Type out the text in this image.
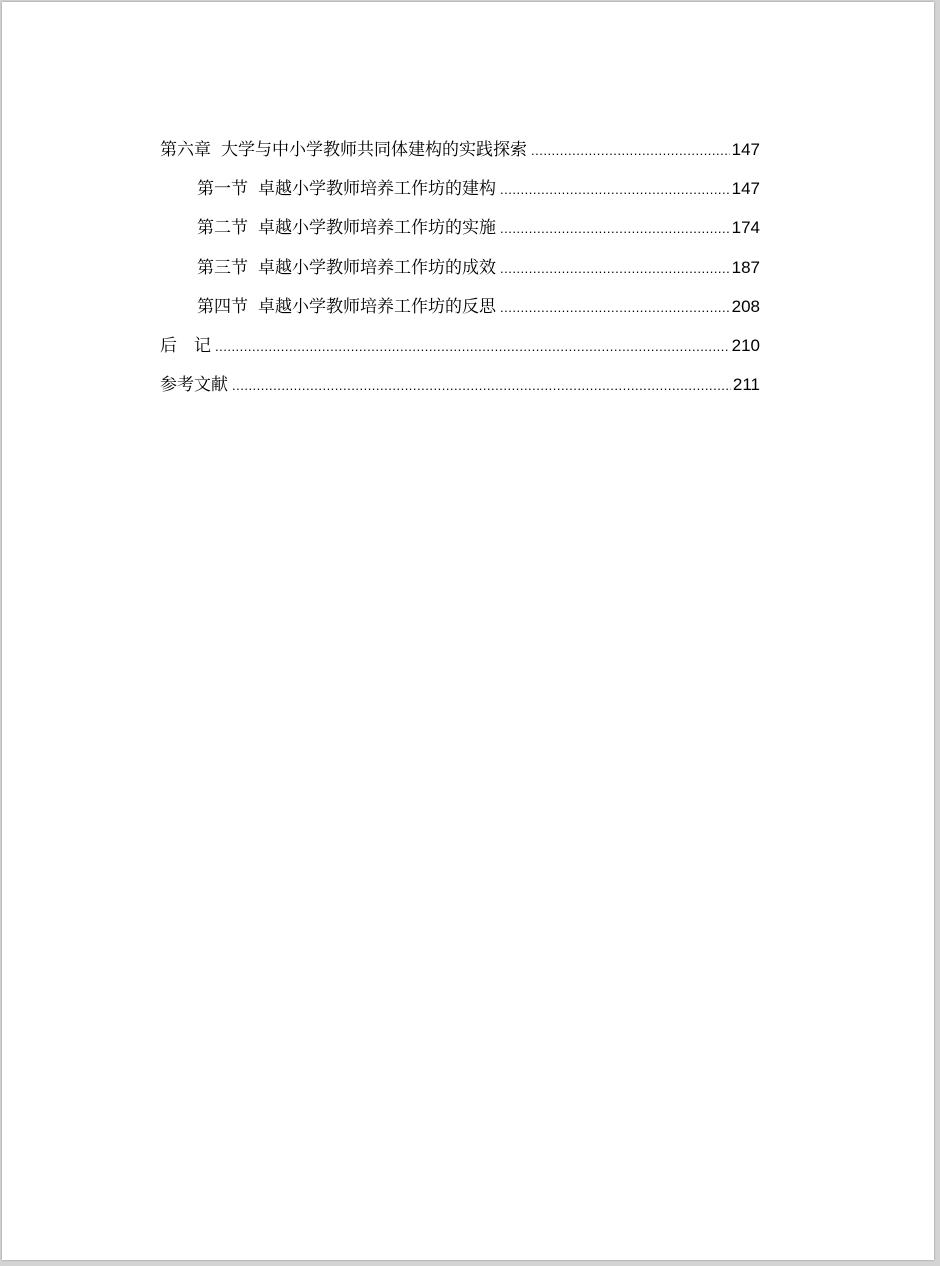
第六章 大学与中小学教师共同体建构的实践探索 .....	147
第一节 卓越小学教师培养工作坊的建构 .....	147
第二节 卓越小学教师培养工作坊的实施 .....	174
第三节 卓越小学教师培养工作坊的成效 .....	187
第四节 卓越小学教师培养工作坊的反思 .....	208
后　记 .....	210
参考文献 .....	211
